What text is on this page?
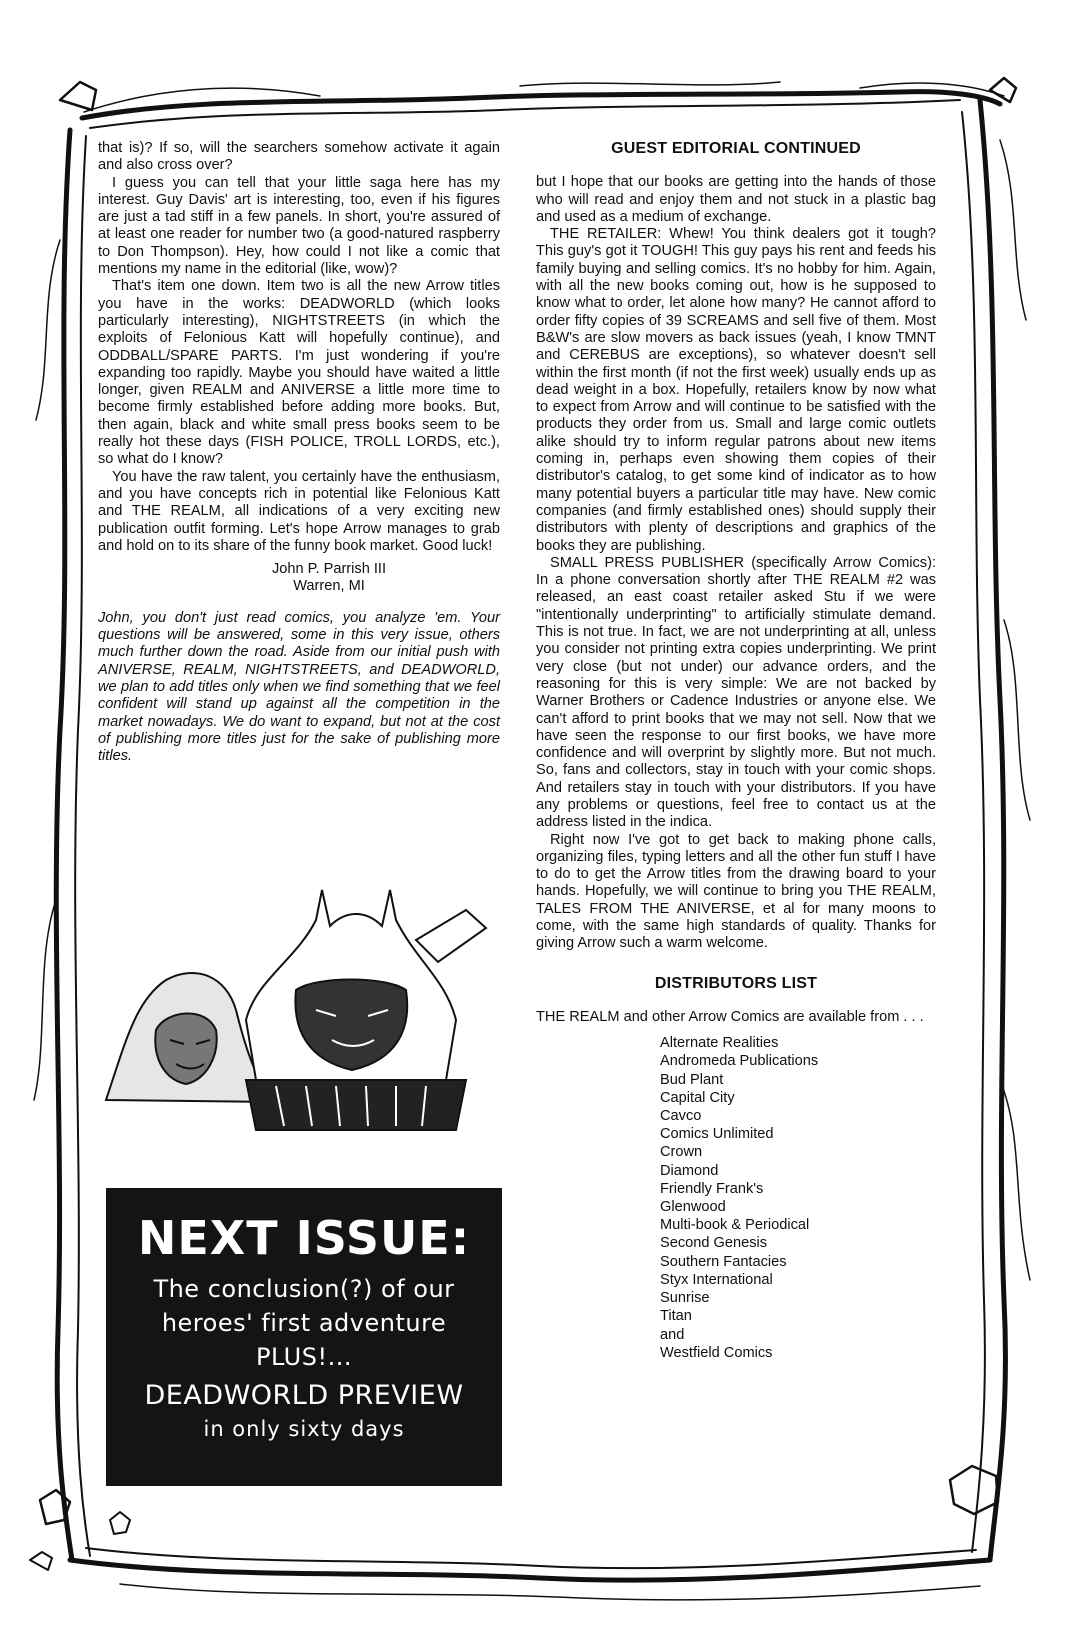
that is)? If so, will the searchers somehow activate it again and also cross over?

I guess you can tell that your little saga here has my interest. Guy Davis' art is interesting, too, even if his figures are just a tad stiff in a few panels. In short, you're assured of at least one reader for number two (a good-natured raspberry to Don Thompson). Hey, how could I not like a comic that mentions my name in the editorial (like, wow)?

That's item one down. Item two is all the new Arrow titles you have in the works: DEADWORLD (which looks particularly interesting), NIGHTSTREETS (in which the exploits of Felonious Katt will hopefully continue), and ODDBALL/SPARE PARTS. I'm just wondering if you're expanding too rapidly. Maybe you should have waited a little longer, given REALM and ANIVERSE a little more time to become firmly established before adding more books. But, then again, black and white small press books seem to be really hot these days (FISH POLICE, TROLL LORDS, etc.), so what do I know?

You have the raw talent, you certainly have the enthusiasm, and you have concepts rich in potential like Felonious Katt and THE REALM, all indications of a very exciting new publication outfit forming. Let's hope Arrow manages to grab and hold on to its share of the funny book market. Good luck!

John P. Parrish III
Warren, MI

John, you don't just read comics, you analyze 'em. Your questions will be answered, some in this very issue, others much further down the road. Aside from our initial push with ANIVERSE, REALM, NIGHTSTREETS, and DEADWORLD, we plan to add titles only when we find something that we feel confident will stand up against all the competition in the market nowadays. We do want to expand, but not at the cost of publishing more titles just for the sake of publishing more titles.

NEXT ISSUE:
The conclusion(?) of our
heroes' first adventure
PLUS!...
DEADWORLD PREVIEW
in only sixty days

GUEST EDITORIAL CONTINUED

but I hope that our books are getting into the hands of those who will read and enjoy them and not stuck in a plastic bag and used as a medium of exchange.

THE RETAILER: Whew! You think dealers got it tough? This guy's got it TOUGH! This guy pays his rent and feeds his family buying and selling comics. It's no hobby for him. Again, with all the new books coming out, how is he supposed to know what to order, let alone how many? He cannot afford to order fifty copies of 39 SCREAMS and sell five of them. Most B&W's are slow movers as back issues (yeah, I know TMNT and CEREBUS are exceptions), so whatever doesn't sell within the first month (if not the first week) usually ends up as dead weight in a box. Hopefully, retailers know by now what to expect from Arrow and will continue to be satisfied with the products they order from us. Small and large comic outlets alike should try to inform regular patrons about new items coming in, perhaps even showing them copies of their distributor's catalog, to get some kind of indicator as to how many potential buyers a particular title may have. New comic companies (and firmly established ones) should supply their distributors with plenty of descriptions and graphics of the books they are publishing.

SMALL PRESS PUBLISHER (specifically Arrow Comics): In a phone conversation shortly after THE REALM #2 was released, an east coast retailer asked Stu if we were "intentionally underprinting" to artificially stimulate demand. This is not true. In fact, we are not underprinting at all, unless you consider not printing extra copies underprinting. We print very close (but not under) our advance orders, and the reasoning for this is very simple: We are not backed by Warner Brothers or Cadence Industries or anyone else. We can't afford to print books that we may not sell. Now that we have seen the response to our first books, we have more confidence and will overprint by slightly more. But not much. So, fans and collectors, stay in touch with your comic shops. And retailers stay in touch with your distributors. If you have any problems or questions, feel free to contact us at the address listed in the indica.

Right now I've got to get back to making phone calls, organizing files, typing letters and all the other fun stuff I have to do to get the Arrow titles from the drawing board to your hands. Hopefully, we will continue to bring you THE REALM, TALES FROM THE ANIVERSE, et al for many moons to come, with the same high standards of quality. Thanks for giving Arrow such a warm welcome.

DISTRIBUTORS LIST

THE REALM and other Arrow Comics are available from . . .

Alternate Realities
Andromeda Publications
Bud Plant
Capital City
Cavco
Comics Unlimited
Crown
Diamond
Friendly Frank's
Glenwood
Multi-book & Periodical
Second Genesis
Southern Fantacies
Styx International
Sunrise
Titan
and
Westfield Comics
